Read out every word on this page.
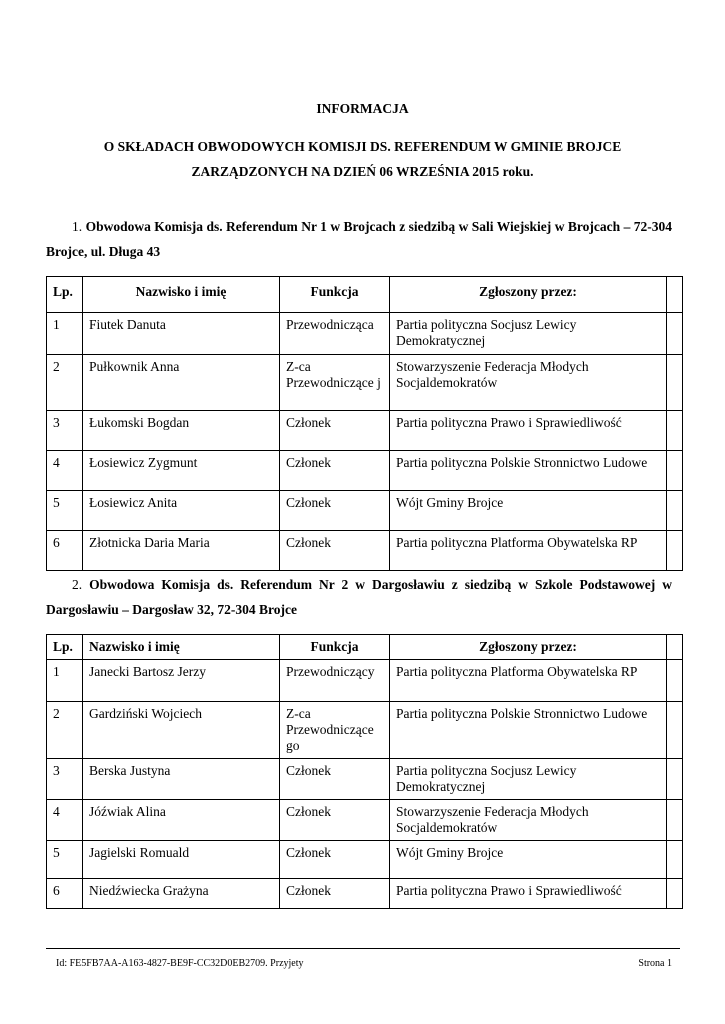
INFORMACJA
O SKŁADACH OBWODOWYCH KOMISJI DS. REFERENDUM W GMINIE BROJCE
ZARZĄDZONYCH NA DZIEŃ 06 WRZEŚNIA 2015 roku.
1. Obwodowa Komisja ds. Referendum Nr 1 w Brojcach z siedzibą w Sali Wiejskiej w Brojcach – 72-304 Brojce, ul. Długa 43
Lp.	Nazwisko i imię	Funkcja	Zgłoszony przez:	
1	Fiutek Danuta	Przewodnicząca	Partia polityczna Socjusz Lewicy Demokratycznej	
2	Pułkownik Anna	Z-ca Przewodniczące j	Stowarzyszenie Federacja Młodych Socjaldemokratów	
3	Łukomski Bogdan	Członek	Partia polityczna Prawo i Sprawiedliwość	
4	Łosiewicz Zygmunt	Członek	Partia polityczna Polskie Stronnictwo Ludowe	
5	Łosiewicz Anita	Członek	Wójt Gminy Brojce	
6	Złotnicka Daria Maria	Członek	Partia polityczna Platforma Obywatelska RP	
2. Obwodowa Komisja ds. Referendum Nr 2 w Dargosławiu z siedzibą w Szkole Podstawowej w Dargosławiu – Dargosław 32, 72-304 Brojce
Lp.	Nazwisko i imię	Funkcja	Zgłoszony przez:	
1	Janecki Bartosz Jerzy	Przewodniczący	Partia polityczna Platforma Obywatelska RP	
2	Gardziński Wojciech	Z-ca Przewodniczące go	Partia polityczna Polskie Stronnictwo Ludowe	
3	Berska Justyna	Członek	Partia polityczna Socjusz Lewicy Demokratycznej	
4	Jóźwiak Alina	Członek	Stowarzyszenie Federacja Młodych Socjaldemokratów	
5	Jagielski Romuald	Członek	Wójt Gminy Brojce	
6	Niedźwiecka Grażyna	Członek	Partia polityczna Prawo i Sprawiedliwość	
Id: FE5FB7AA-A163-4827-BE9F-CC32D0EB2709. Przyjety	Strona 1
